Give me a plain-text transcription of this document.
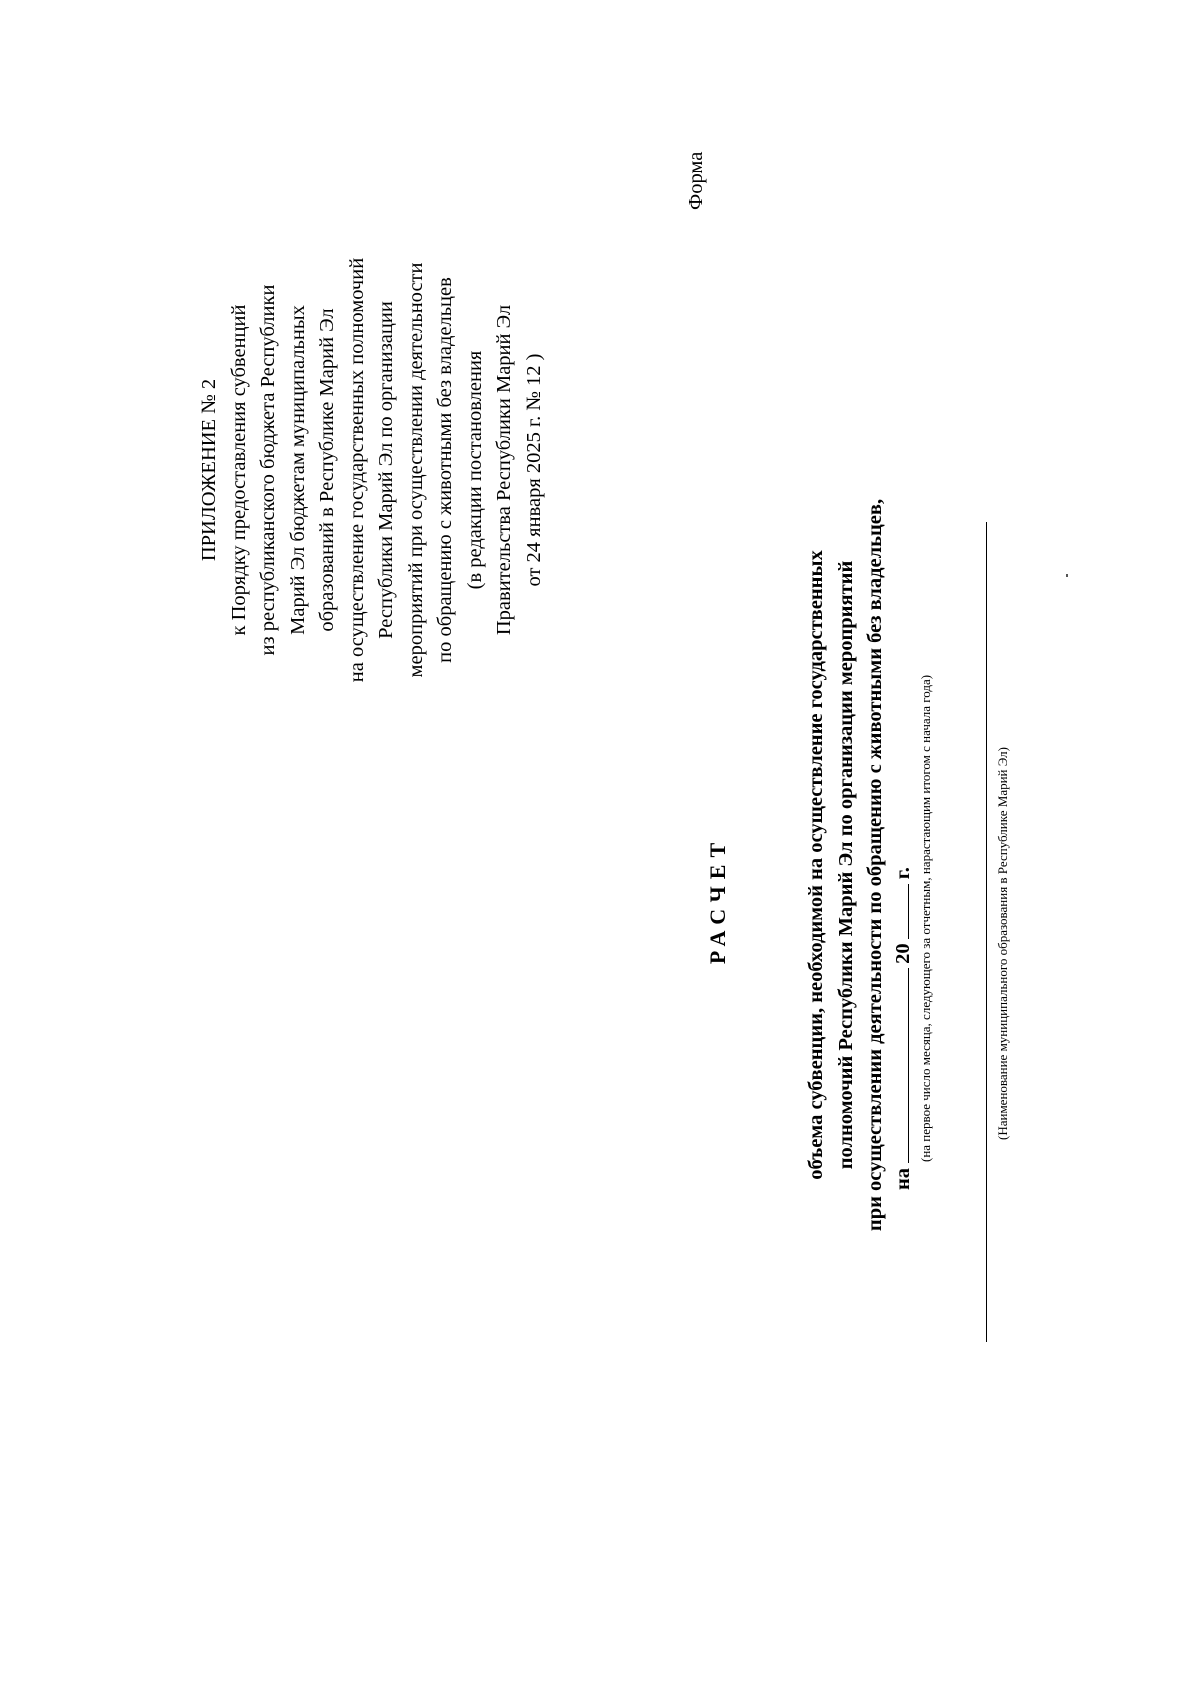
ПРИЛОЖЕНИЕ № 2 к Порядку предоставления субвенций из республиканского бюджета Республики Марий Эл бюджетам муниципальных образований в Республике Марий Эл на осуществление государственных полномочий Республики Марий Эл по организации мероприятий при осуществлении деятельности по обращению с животными без владельцев (в редакции постановления Правительства Республики Марий Эл от 24 января 2025 г. № 12 )
Форма
РАСЧЕТ	объема субвенции, необходимой на осуществление государственных полномочий Республики Марий Эл по организации мероприятий при осуществлении деятельности по обращению с животными без владельцев, на 20 г. (на первое число месяца, следующего за отчетным, нарастающим итогом с начала года)	(Наименование муниципального образования в Республике Марий Эл)
